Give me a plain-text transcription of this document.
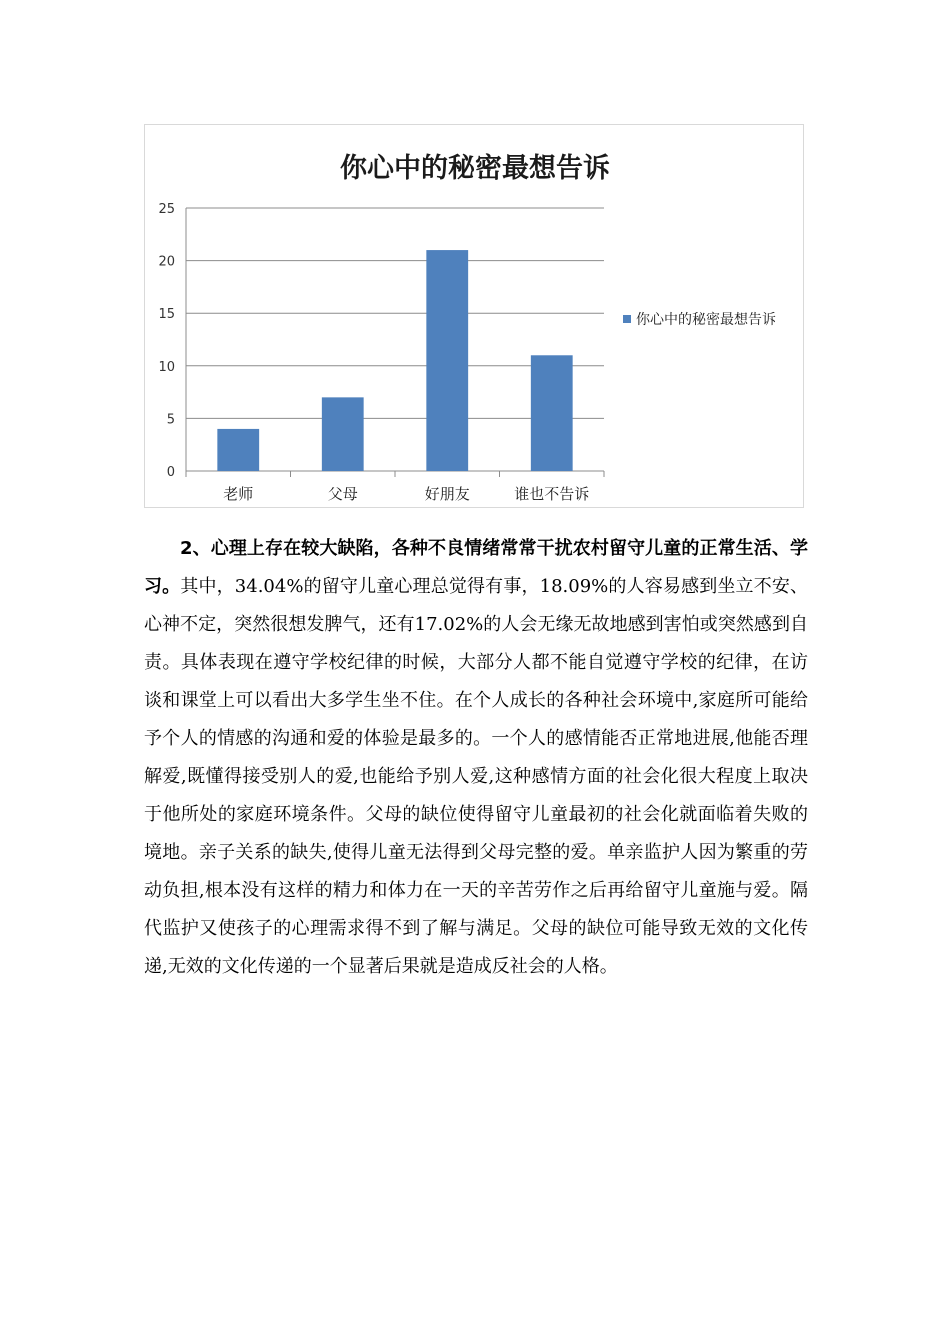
你心中的秘密最想告诉
0
5
10
15
20
25
老师	父母	好朋友	谁也不告诉
你心中的秘密最想告诉

2、心理上存在较大缺陷，各种不良情绪常常干扰农村留守儿童的正常生活、学习。其中，34.04%的留守儿童心理总觉得有事，18.09%的人容易感到坐立不安、心神不定，突然很想发脾气，还有17.02%的人会无缘无故地感到害怕或突然感到自责。具体表现在遵守学校纪律的时候，大部分人都不能自觉遵守学校的纪律，在访谈和课堂上可以看出大多学生坐不住。在个人成长的各种社会环境中,家庭所可能给予个人的情感的沟通和爱的体验是最多的。一个人的感情能否正常地进展,他能否理解爱,既懂得接受别人的爱,也能给予别人爱,这种感情方面的社会化很大程度上取决于他所处的家庭环境条件。父母的缺位使得留守儿童最初的社会化就面临着失败的境地。亲子关系的缺失,使得儿童无法得到父母完整的爱。单亲监护人因为繁重的劳动负担,根本没有这样的精力和体力在一天的辛苦劳作之后再给留守儿童施与爱。隔代监护又使孩子的心理需求得不到了解与满足。父母的缺位可能导致无效的文化传递,无效的文化传递的一个显著后果就是造成反社会的人格。
